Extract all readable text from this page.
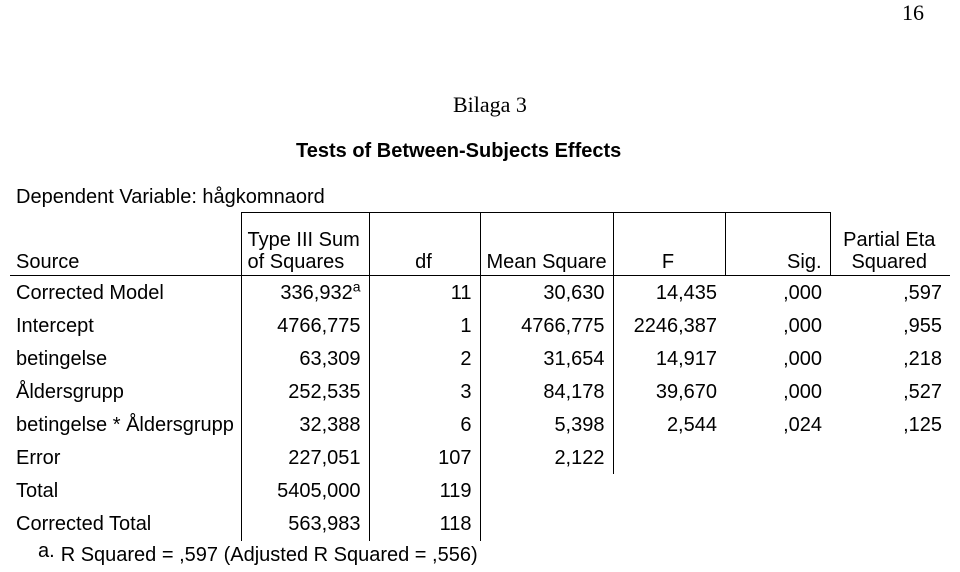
16
Bilaga 3
Tests of Between-Subjects Effects
Dependent Variable: hågkomnaord
Source	Type III Sum
of Squares	df	Mean Square	F	Sig.	Partial Eta
Squared
Corrected Model	336,932$^a$	11	30,630	14,435	,000	,597
Intercept	4766,775	1	4766,775	2246,387	,000	,955
betingelse	63,309	2	31,654	14,917	,000	,218
Åldersgrupp	252,535	3	84,178	39,670	,000	,527
betingelse * Åldersgrupp	32,388	6	5,398	2,544	,024	,125
Error	227,051	107	2,122			
Total	5405,000	119				
Corrected Total	563,983	118				
a. R Squared = ,597 (Adjusted R Squared = ,556)
